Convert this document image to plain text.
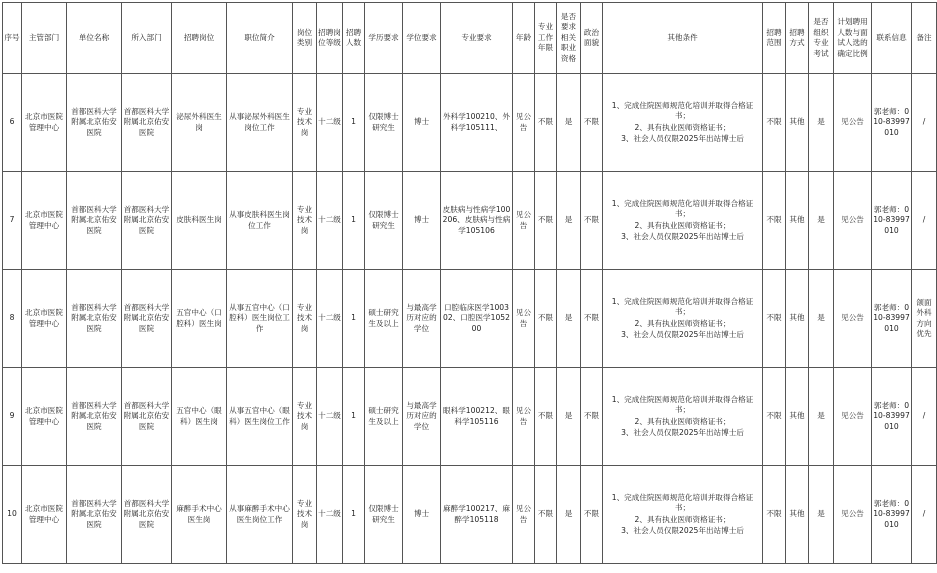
序号	主管部门	单位名称	所入部门	招聘岗位	职位简介	岗位类别	招聘岗位等级	招聘人数	学历要求	学位要求	专业要求	年龄	专业工作年限	是否要求相关职业资格	政治面貌	其他条件	招聘范围	招聘方式	是否组织专业考试	计划聘用人数与面试人选的确定比例	联系信息	备注
6	北京市医院管理中心	首都医科大学附属北京佑安医院	首都医科大学附属北京佑安医院	泌尿外科医生岗	从事泌尿外科医生岗位工作	专业技术岗	十二级	1	仅限博士研究生	博士	外科学100210、外科学105111、	见公告	不限	是	不限	1、完成住院医师规范化培训并取得合格证书；
2、具有执业医师资格证书；
3、社会人员仅限2025年出站博士后	不限	其他	是	见公告	郭老师：010-83997010	/
7	北京市医院管理中心	首都医科大学附属北京佑安医院	首都医科大学附属北京佑安医院	皮肤科医生岗	从事皮肤科医生岗位工作	专业技术岗	十二级	1	仅限博士研究生	博士	皮肤病与性病学100206、皮肤病与性病学105106	见公告	不限	是	不限	1、完成住院医师规范化培训并取得合格证书；
2、具有执业医师资格证书；
3、社会人员仅限2025年出站博士后	不限	其他	是	见公告	郭老师：010-83997010	/
8	北京市医院管理中心	首都医科大学附属北京佑安医院	首都医科大学附属北京佑安医院	五官中心（口腔科）医生岗	从事五官中心（口腔科）医生岗位工作	专业技术岗	十二级	1	硕士研究生及以上	与最高学历对应的学位	口腔临床医学100302、口腔医学105200	见公告	不限	是	不限	1、完成住院医师规范化培训并取得合格证书；
2、具有执业医师资格证书；
3、社会人员仅限2025年出站博士后	不限	其他	是	见公告	郭老师：010-83997010	颌面外科方向优先
9	北京市医院管理中心	首都医科大学附属北京佑安医院	首都医科大学附属北京佑安医院	五官中心（眼科）医生岗	从事五官中心（眼科）医生岗位工作	专业技术岗	十二级	1	硕士研究生及以上	与最高学历对应的学位	眼科学100212、眼科学105116	见公告	不限	是	不限	1、完成住院医师规范化培训并取得合格证书；
2、具有执业医师资格证书；
3、社会人员仅限2025年出站博士后	不限	其他	是	见公告	郭老师：010-83997010	/
10	北京市医院管理中心	首都医科大学附属北京佑安医院	首都医科大学附属北京佑安医院	麻醉手术中心医生岗	从事麻醉手术中心医生岗位工作	专业技术岗	十二级	1	仅限博士研究生	博士	麻醉学100217、麻醉学105118	见公告	不限	是	不限	1、完成住院医师规范化培训并取得合格证书；
2、具有执业医师资格证书；
3、社会人员仅限2025年出站博士后	不限	其他	是	见公告	郭老师：010-83997010	/
